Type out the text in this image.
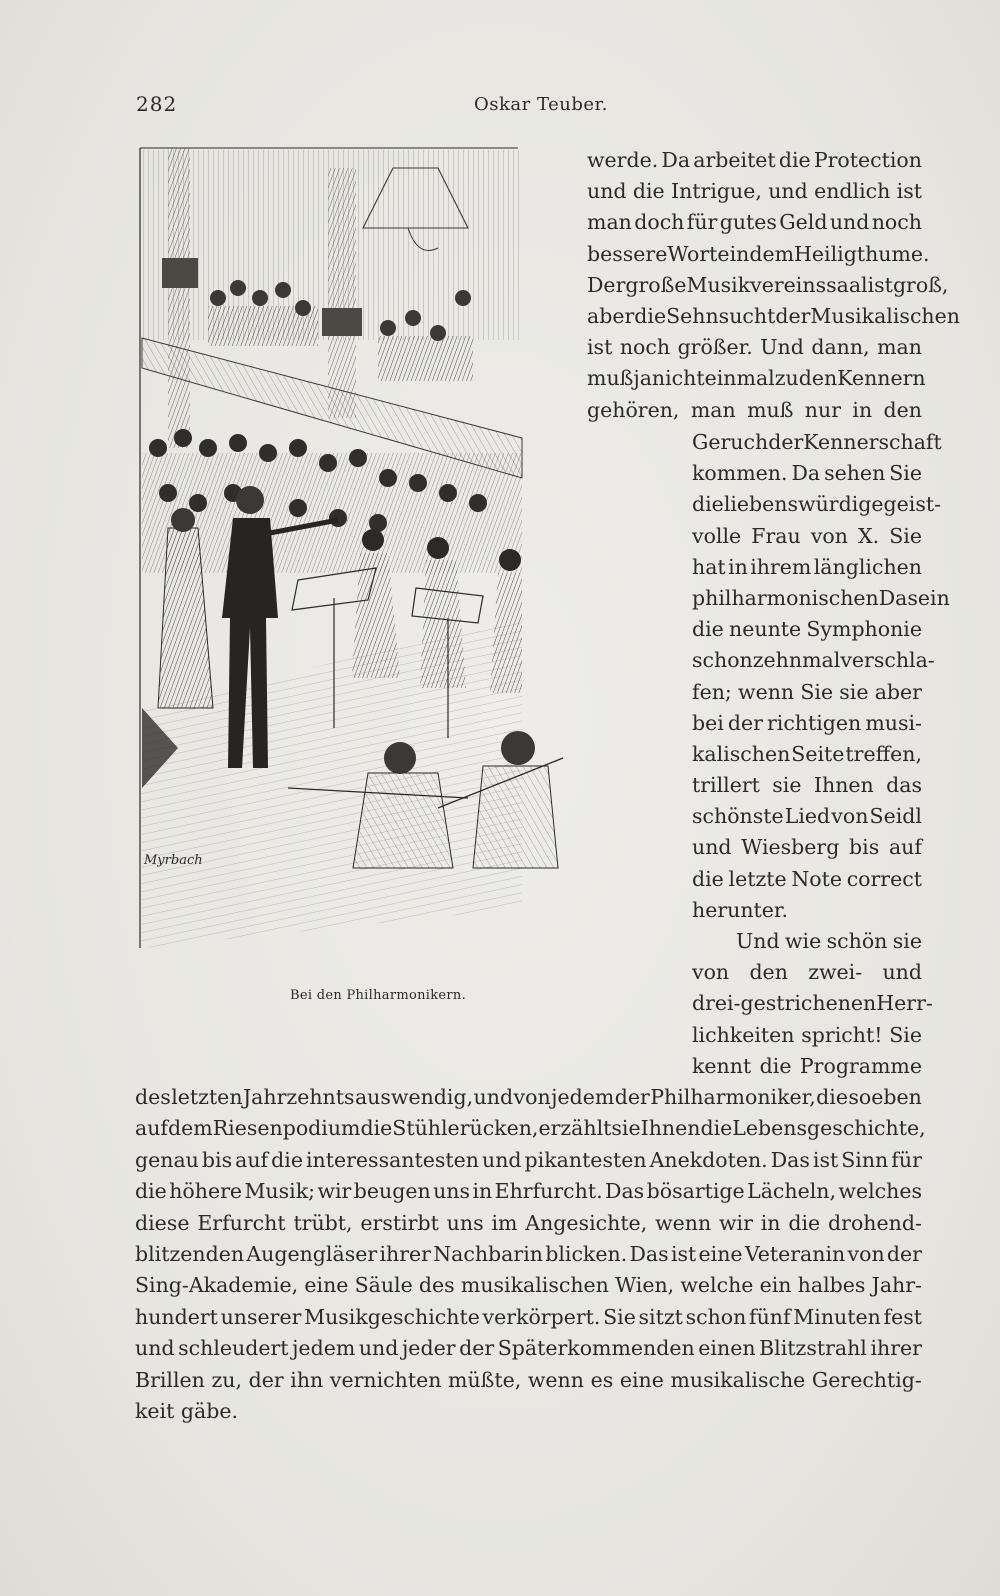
282	Oskar Teuber.
Myrbach
Bei den Philharmonikern.
werde. Da arbeitet die Protection
und die Intrigue, und endlich ist
man doch für gutes Geld und noch
bessere Worte in dem Heiligthume.
Der große Musikvereinssaal ist groß,
aber die Sehnsucht der Musikalischen
ist noch größer. Und dann, man
muß ja nicht einmal zu den Kennern
gehören, man muß nur in den
Geruch der Kennerschaft
kommen. Da sehen Sie
die liebenswürdige geist-
volle Frau von X. Sie
hat in ihrem länglichen
philharmonischen Dasein
die neunte Symphonie
schon zehnmal verschla-
fen; wenn Sie sie aber
bei der richtigen musi-
kalischen Seite treffen,
trillert sie Ihnen das
schönste Lied von Seidl
und Wiesberg bis auf
die letzte Note correct
herunter.
Und wie schön sie
von den zwei- und
drei-gestrichenen Herr-
lichkeiten spricht! Sie
kennt die Programme
des letzten Jahrzehnts auswendig, und von jedem der Philharmoniker, die soeben
auf dem Riesenpodium die Stühle rücken, erzählt sie Ihnen die Lebensgeschichte,
genau bis auf die interessantesten und pikantesten Anekdoten. Das ist Sinn für
die höhere Musik; wir beugen uns in Ehrfurcht. Das bösartige Lächeln, welches
diese Erfurcht trübt, erstirbt uns im Angesichte, wenn wir in die drohend-
blitzenden Augengläser ihrer Nachbarin blicken. Das ist eine Veteranin von der
Sing-Akademie, eine Säule des musikalischen Wien, welche ein halbes Jahr-
hundert unserer Musikgeschichte verkörpert. Sie sitzt schon fünf Minuten fest
und schleudert jedem und jeder der Späterkommenden einen Blitzstrahl ihrer
Brillen zu, der ihn vernichten müßte, wenn es eine musikalische Gerechtig-
keit gäbe.
